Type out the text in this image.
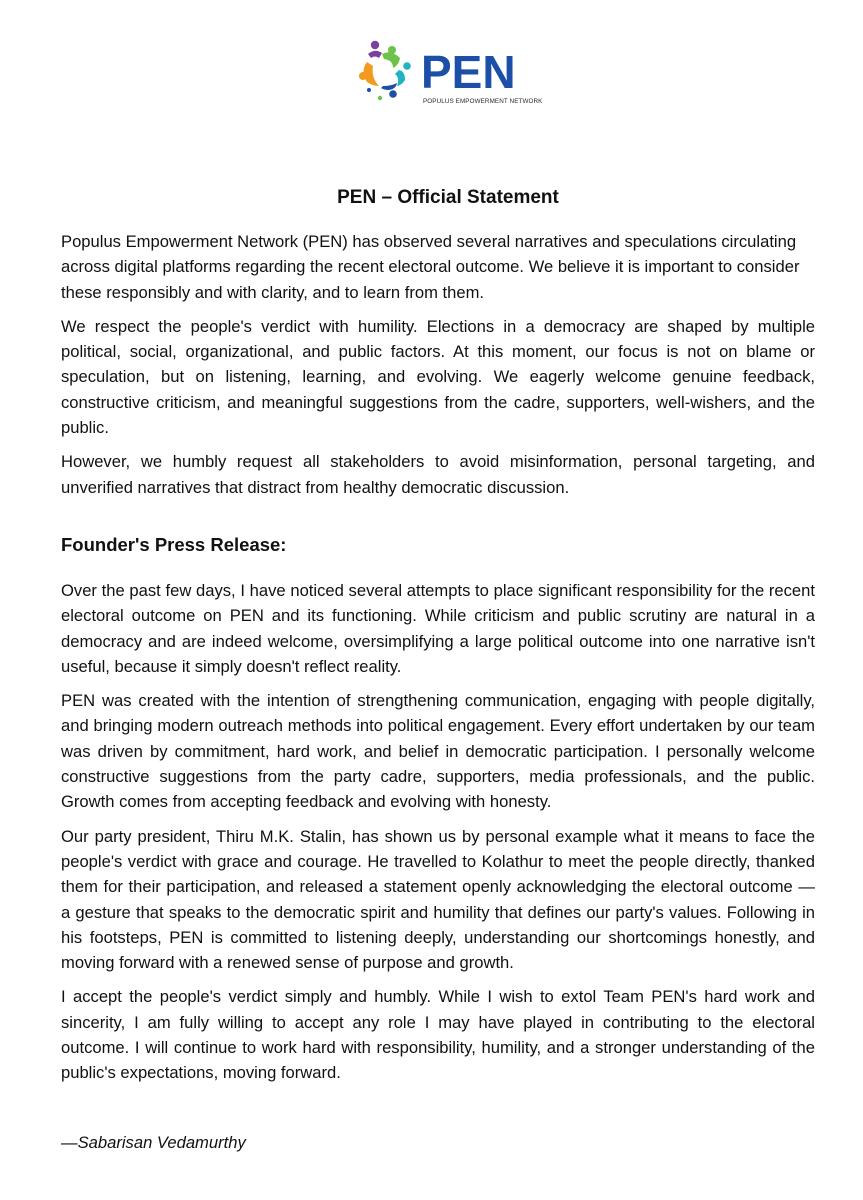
PEN
POPULUS EMPOWERMENT NETWORK
PEN – Official Statement

Populus Empowerment Network (PEN) has observed several narratives and speculations circulating across digital platforms regarding the recent electoral outcome. We believe it is important to consider these responsibly and with clarity, and to learn from them.

We respect the people's verdict with humility. Elections in a democracy are shaped by multiple political, social, organizational, and public factors. At this moment, our focus is not on blame or speculation, but on listening, learning, and evolving. We eagerly welcome genuine feedback, constructive criticism, and meaningful suggestions from the cadre, supporters, well-wishers, and the public.

However, we humbly request all stakeholders to avoid misinformation, personal targeting, and unverified narratives that distract from healthy democratic discussion.

Founder's Press Release:

Over the past few days, I have noticed several attempts to place significant responsibility for the recent electoral outcome on PEN and its functioning. While criticism and public scrutiny are natural in a democracy and are indeed welcome, oversimplifying a large political outcome into one narrative isn't useful, because it simply doesn't reflect reality.

PEN was created with the intention of strengthening communication, engaging with people digitally, and bringing modern outreach methods into political engagement. Every effort undertaken by our team was driven by commitment, hard work, and belief in democratic participation. I personally welcome constructive suggestions from the party cadre, supporters, media professionals, and the public. Growth comes from accepting feedback and evolving with honesty.

Our party president, Thiru M.K. Stalin, has shown us by personal example what it means to face the people's verdict with grace and courage. He travelled to Kolathur to meet the people directly, thanked them for their participation, and released a statement openly acknowledging the electoral outcome — a gesture that speaks to the democratic spirit and humility that defines our party's values. Following in his footsteps, PEN is committed to listening deeply, understanding our shortcomings honestly, and moving forward with a renewed sense of purpose and growth.

I accept the people's verdict simply and humbly. While I wish to extol Team PEN's hard work and sincerity, I am fully willing to accept any role I may have played in contributing to the electoral outcome. I will continue to work hard with responsibility, humility, and a stronger understanding of the public's expectations, moving forward.

—Sabarisan Vedamurthy
